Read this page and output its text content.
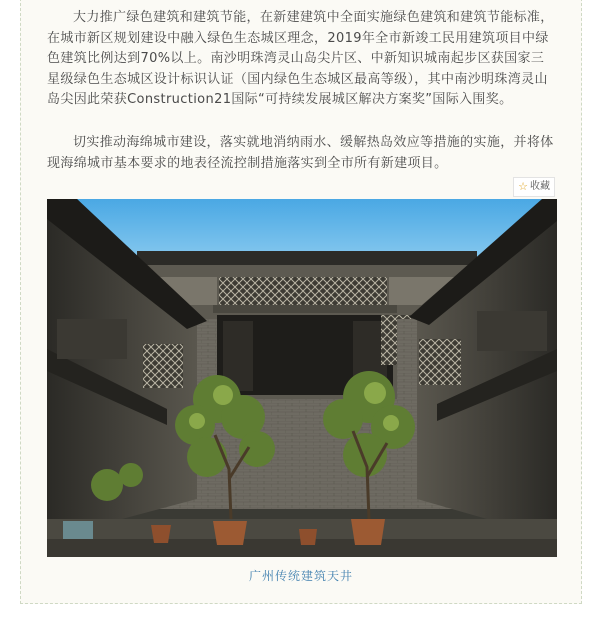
大力推广绿色建筑和建筑节能，在新建建筑中全面实施绿色建筑和建筑节能标准，在城市新区规划建设中融入绿色生态城区理念，2019年全市新竣工民用建筑项目中绿色建筑比例达到70%以上。南沙明珠湾灵山岛尖片区、中新知识城南起步区获国家三星级绿色生态城区设计标识认证（国内绿色生态城区最高等级），其中南沙明珠湾灵山岛尖因此荣获Construction21国际“可持续发展城区解决方案奖”国际入围奖。

切实推动海绵城市建设，落实就地消纳雨水、缓解热岛效应等措施的实施，并将体现海绵城市基本要求的地表径流控制措施落实到全市所有新建项目。

☆ 收藏
广州传统建筑天井
